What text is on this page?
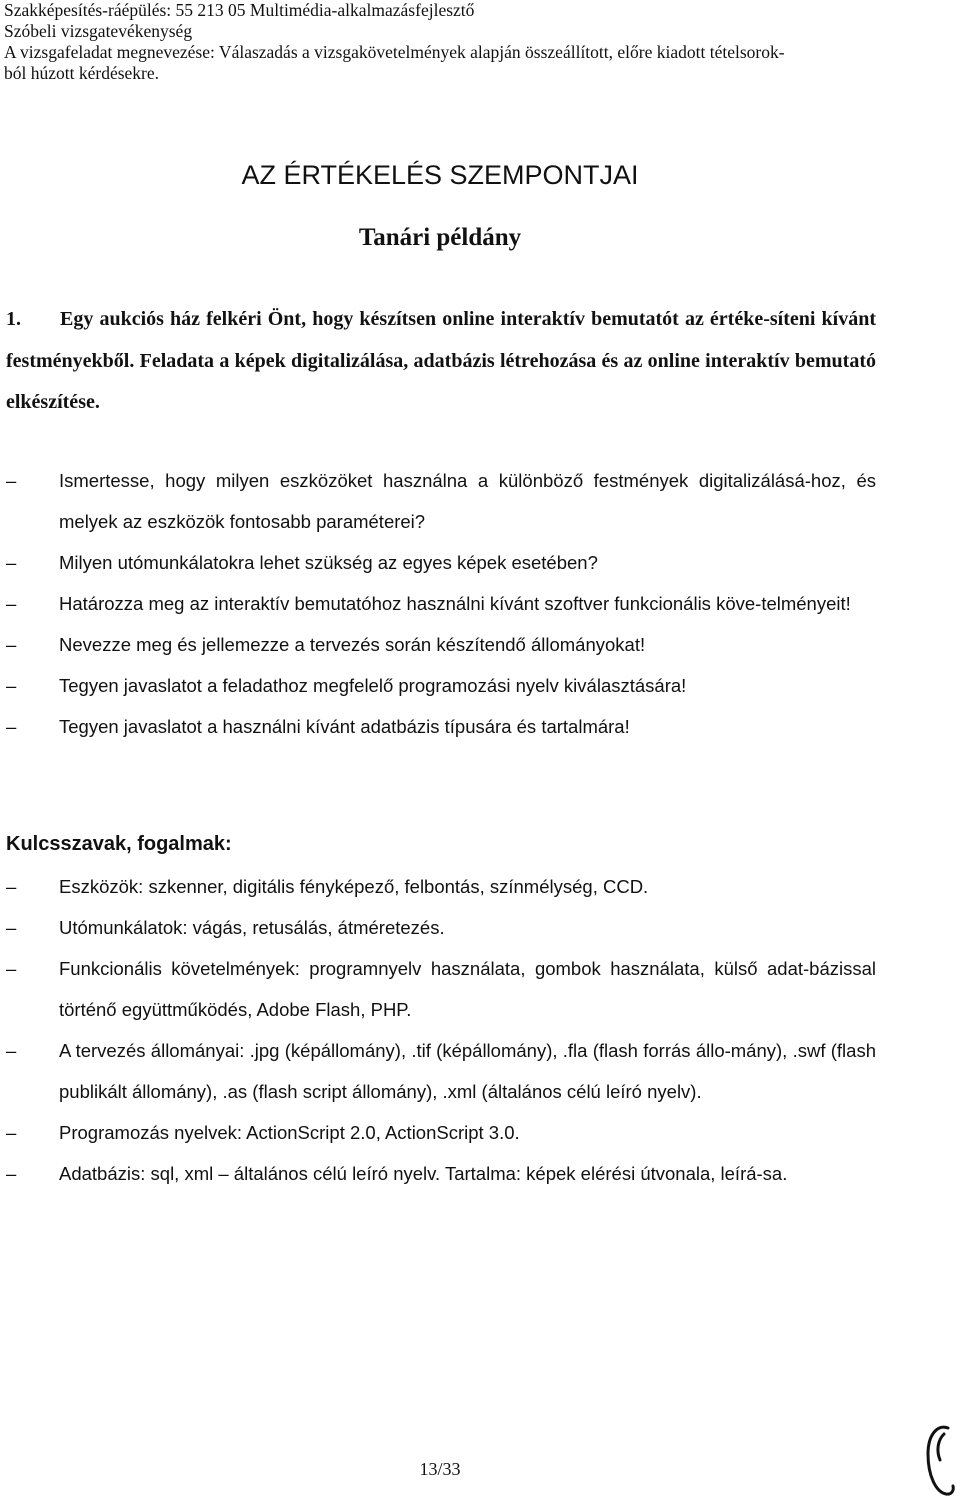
Szakképesítés-ráépülés: 55 213 05 Multimédia-alkalmazásfejlesztő
Szóbeli vizsgatevékenység
A vizsgafeladat megnevezése: Válaszadás a vizsgakövetelmények alapján összeállított, előre kiadott tételsorok-
ból húzott kérdésekre.
AZ ÉRTÉKELÉS SZEMPONTJAI
Tanári példány
1. Egy aukciós ház felkéri Önt, hogy készítsen online interaktív bemutatót az értéke-síteni kívánt festményekből. Feladata a képek digitalizálása, adatbázis létrehozása és az online interaktív bemutató elkészítése.
–	Ismertesse, hogy milyen eszközöket használna a különböző festmények digitalizálásá-hoz, és melyek az eszközök fontosabb paraméterei?
–	Milyen utómunkálatokra lehet szükség az egyes képek esetében?
–	Határozza meg az interaktív bemutatóhoz használni kívánt szoftver funkcionális köve-telményeit!
–	Nevezze meg és jellemezze a tervezés során készítendő állományokat!
–	Tegyen javaslatot a feladathoz megfelelő programozási nyelv kiválasztására!
–	Tegyen javaslatot a használni kívánt adatbázis típusára és tartalmára!
Kulcsszavak, fogalmak:
–	Eszközök: szkenner, digitális fényképező, felbontás, színmélység, CCD.
–	Utómunkálatok: vágás, retusálás, átméretezés.
–	Funkcionális követelmények: programnyelv használata, gombok használata, külső adat-bázissal történő együttműködés, Adobe Flash, PHP.
–	A tervezés állományai: .jpg (képállomány), .tif (képállomány), .fla (flash forrás állo-mány), .swf (flash publikált állomány), .as (flash script állomány), .xml (általános célú leíró nyelv).
–	Programozás nyelvek: ActionScript 2.0, ActionScript 3.0.
–	Adatbázis: sql, xml – általános célú leíró nyelv. Tartalma: képek elérési útvonala, leírá-sa.
13/33
